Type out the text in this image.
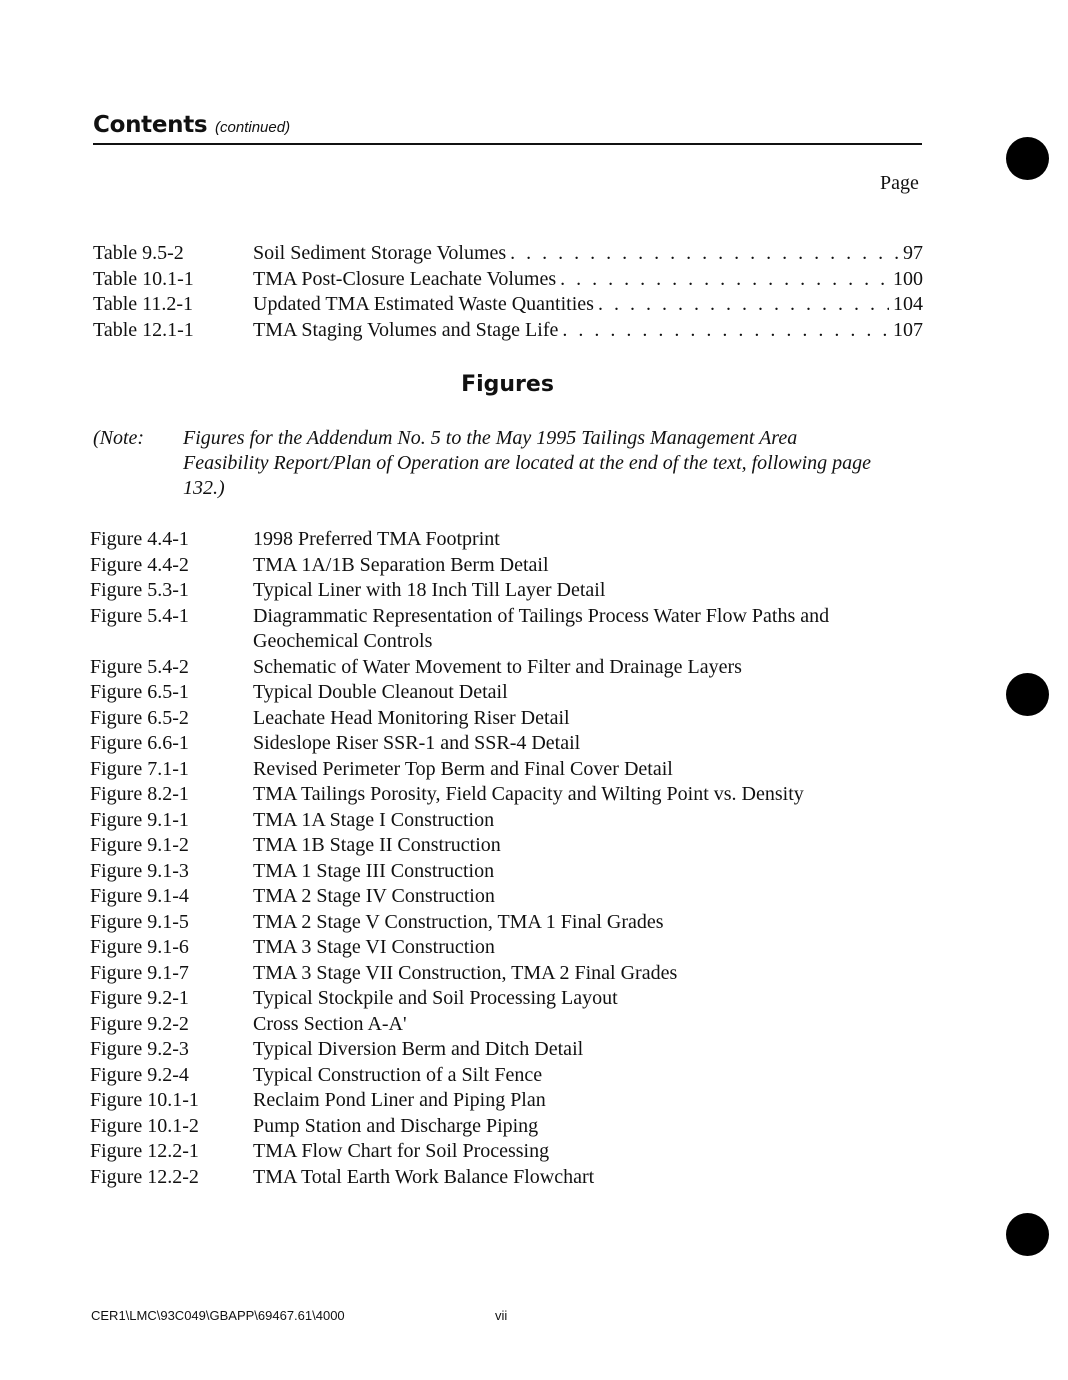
Contents (continued)
Page
Table 9.5-2	Soil Sediment Storage Volumes . . .	97
Table 10.1-1	TMA Post-Closure Leachate Volumes . . .	100
Table 11.2-1	Updated TMA Estimated Waste Quantities . . .	104
Table 12.1-1	TMA Staging Volumes and Stage Life . . .	107
Figures
(Note: Figures for the Addendum No. 5 to the May 1995 Tailings Management Area Feasibility Report/Plan of Operation are located at the end of the text, following page 132.)
Figure 4.4-1	1998 Preferred TMA Footprint
Figure 4.4-2	TMA 1A/1B Separation Berm Detail
Figure 5.3-1	Typical Liner with 18 Inch Till Layer Detail
Figure 5.4-1	Diagrammatic Representation of Tailings Process Water Flow Paths and Geochemical Controls
Figure 5.4-2	Schematic of Water Movement to Filter and Drainage Layers
Figure 6.5-1	Typical Double Cleanout Detail
Figure 6.5-2	Leachate Head Monitoring Riser Detail
Figure 6.6-1	Sideslope Riser SSR-1 and SSR-4 Detail
Figure 7.1-1	Revised Perimeter Top Berm and Final Cover Detail
Figure 8.2-1	TMA Tailings Porosity, Field Capacity and Wilting Point vs. Density
Figure 9.1-1	TMA 1A Stage I Construction
Figure 9.1-2	TMA 1B Stage II Construction
Figure 9.1-3	TMA 1 Stage III Construction
Figure 9.1-4	TMA 2 Stage IV Construction
Figure 9.1-5	TMA 2 Stage V Construction, TMA 1 Final Grades
Figure 9.1-6	TMA 3 Stage VI Construction
Figure 9.1-7	TMA 3 Stage VII Construction, TMA 2 Final Grades
Figure 9.2-1	Typical Stockpile and Soil Processing Layout
Figure 9.2-2	Cross Section A-A'
Figure 9.2-3	Typical Diversion Berm and Ditch Detail
Figure 9.2-4	Typical Construction of a Silt Fence
Figure 10.1-1	Reclaim Pond Liner and Piping Plan
Figure 10.1-2	Pump Station and Discharge Piping
Figure 12.2-1	TMA Flow Chart for Soil Processing
Figure 12.2-2	TMA Total Earth Work Balance Flowchart
CER1\LMC\93C049\GBAPP\69467.61\4000	vii
